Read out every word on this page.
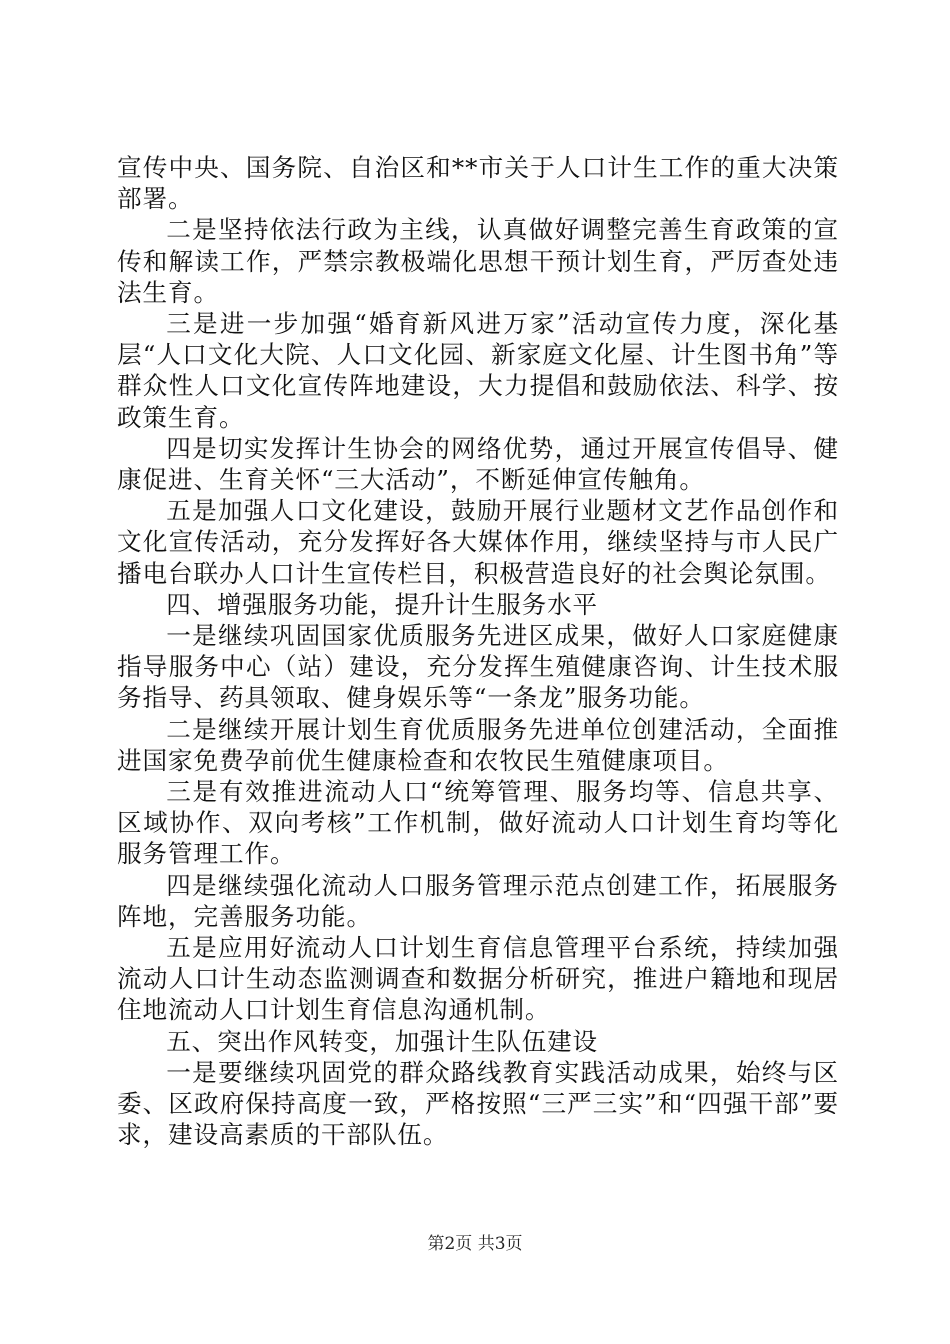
宣传中央、国务院、自治区和**市关于人口计生工作的重大决策部署。

二是坚持依法行政为主线，认真做好调整完善生育政策的宣传和解读工作，严禁宗教极端化思想干预计划生育，严厉查处违法生育。

三是进一步加强“婚育新风进万家”活动宣传力度，深化基层“人口文化大院、人口文化园、新家庭文化屋、计生图书角”等群众性人口文化宣传阵地建设，大力提倡和鼓励依法、科学、按政策生育。

四是切实发挥计生协会的网络优势，通过开展宣传倡导、健康促进、生育关怀“三大活动”，不断延伸宣传触角。

五是加强人口文化建设，鼓励开展行业题材文艺作品创作和文化宣传活动，充分发挥好各大媒体作用，继续坚持与市人民广播电台联办人口计生宣传栏目，积极营造良好的社会舆论氛围。

四、增强服务功能，提升计生服务水平

一是继续巩固国家优质服务先进区成果，做好人口家庭健康指导服务中心（站）建设，充分发挥生殖健康咨询、计生技术服务指导、药具领取、健身娱乐等“一条龙”服务功能。

二是继续开展计划生育优质服务先进单位创建活动，全面推进国家免费孕前优生健康检查和农牧民生殖健康项目。

三是有效推进流动人口“统筹管理、服务均等、信息共享、区域协作、双向考核”工作机制，做好流动人口计划生育均等化服务管理工作。

四是继续强化流动人口服务管理示范点创建工作，拓展服务阵地，完善服务功能。

五是应用好流动人口计划生育信息管理平台系统，持续加强流动人口计生动态监测调查和数据分析研究，推进户籍地和现居住地流动人口计划生育信息沟通机制。

五、突出作风转变，加强计生队伍建设

一是要继续巩固党的群众路线教育实践活动成果，始终与区委、区政府保持高度一致，严格按照“三严三实”和“四强干部”要求，建设高素质的干部队伍。

第2页 共3页
